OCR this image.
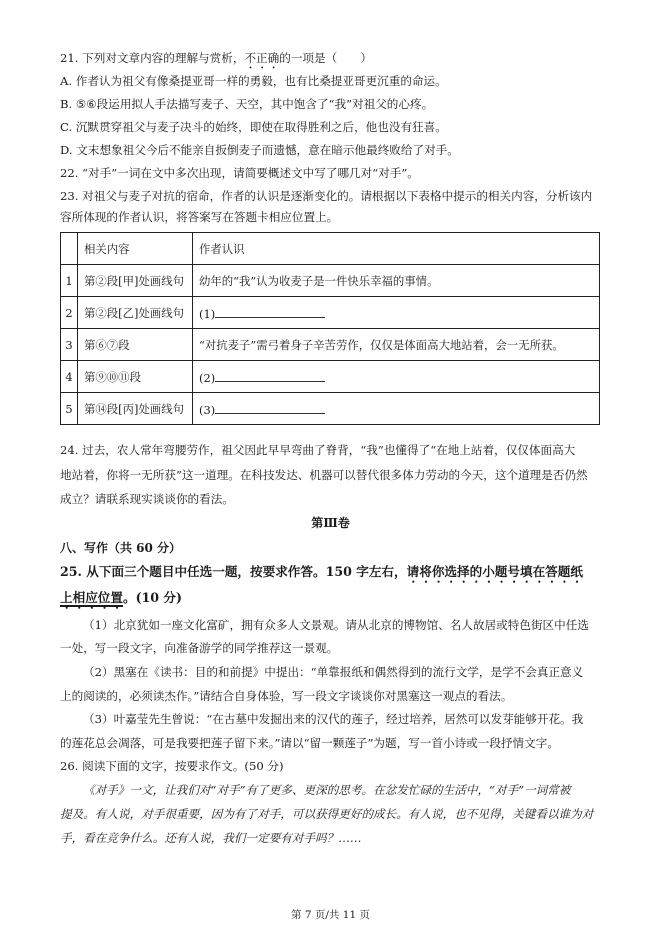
21. 下列对文章内容的理解与赏析，不正确的一项是（　　）
A. 作者认为祖父有像桑提亚哥一样的勇毅，也有比桑提亚哥更沉重的命运。
B. ⑤⑥段运用拟人手法描写麦子、天空，其中饱含了“我”对祖父的心疼。
C. 沉默贯穿祖父与麦子决斗的始终，即使在取得胜利之后，他也没有狂喜。
D. 文末想象祖父今后不能亲自扳倒麦子而遗憾，意在暗示他最终败给了对手。
22. “对手”一词在文中多次出现，请简要概述文中写了哪几对“对手”。
23. 对祖父与麦子对抗的宿命，作者的认识是逐渐变化的。请根据以下表格中提示的相关内容，分析该内
容所体现的作者认识，将答案写在答题卡相应位置上。
	相关内容	作者认识
1	第②段[甲]处画线句	幼年的“我”认为收麦子是一件快乐幸福的事情。
2	第②段[乙]处画线句	(1)
3	第⑥⑦段	“对抗麦子”需弓着身子辛苦劳作，仅仅是体面高大地站着，会一无所获。
4	第⑨⑩⑪段	(2)
5	第⑭段[丙]处画线句	(3)
24. 过去，农人常年弯腰劳作，祖父因此早早弯曲了脊背，“我”也懂得了“在地上站着，仅仅体面高大
地站着，你将一无所获”这一道理。在科技发达、机器可以替代很多体力劳动的今天，这个道理是否仍然
成立？请联系现实谈谈你的看法。
第Ⅲ卷
八、写作（共 60 分）
25. 从下面三个题目中任选一题，按要求作答。150 字左右，请将你选择的小题号填在答题纸
上相应位置。(10 分)
（1）北京犹如一座文化富矿，拥有众多人文景观。请从北京的博物馆、名人故居或特色街区中任选
一处，写一段文字，向准备游学的同学推荐这一景观。
（2）黑塞在《读书：目的和前提》中提出：“单靠报纸和偶然得到的流行文学，是学不会真正意义
上的阅读的，必须读杰作。”请结合自身体验，写一段文字谈谈你对黑塞这一观点的看法。
（3）叶嘉莹先生曾说：“在古墓中发掘出来的汉代的莲子，经过培养，居然可以发芽能够开花。我
的莲花总会凋落，可是我要把莲子留下来。”请以“留一颗莲子”为题，写一首小诗或一段抒情文字。
26. 阅读下面的文字，按要求作文。(50 分)
《对手》一文，让我们对“对手”有了更多、更深的思考。在忿发忙碌的生活中，“对手”一词常被
提及。有人说，对手很重要，因为有了对手，可以获得更好的成长。有人说，也不见得，关键看以谁为对
手，看在竞争什么。还有人说，我们一定要有对手吗？……
第 7 页/共 11 页
